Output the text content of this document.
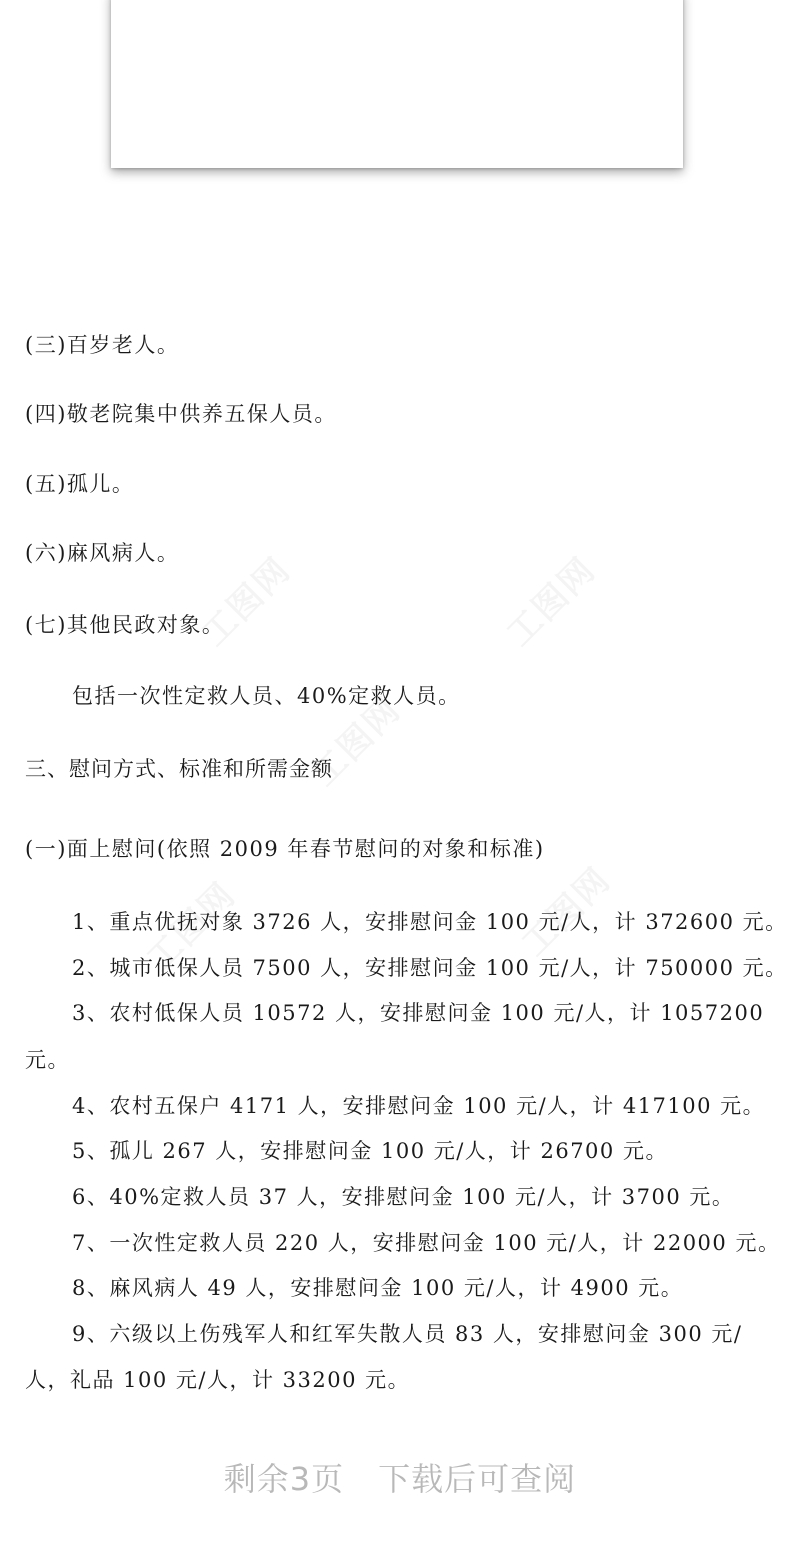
(三)百岁老人。
(四)敬老院集中供养五保人员。
(五)孤儿。
(六)麻风病人。
(七)其他民政对象。
包括一次性定救人员、40%定救人员。
三、慰问方式、标准和所需金额
(一)面上慰问(依照 2009 年春节慰问的对象和标准)
1、重点优抚对象 3726 人，安排慰问金 100 元/人，计 372600 元。
2、城市低保人员 7500 人，安排慰问金 100 元/人，计 750000 元。
3、农村低保人员 10572 人，安排慰问金 100 元/人，计 1057200
元。
4、农村五保户 4171 人，安排慰问金 100 元/人，计 417100 元。
5、孤儿 267 人，安排慰问金 100 元/人，计 26700 元。
6、40%定救人员 37 人，安排慰问金 100 元/人，计 3700 元。
7、一次性定救人员 220 人，安排慰问金 100 元/人，计 22000 元。
8、麻风病人 49 人，安排慰问金 100 元/人，计 4900 元。
9、六级以上伤残军人和红军失散人员 83 人，安排慰问金 300 元/
人，礼品 100 元/人，计 33200 元。
剩余3页 下载后可查阅
